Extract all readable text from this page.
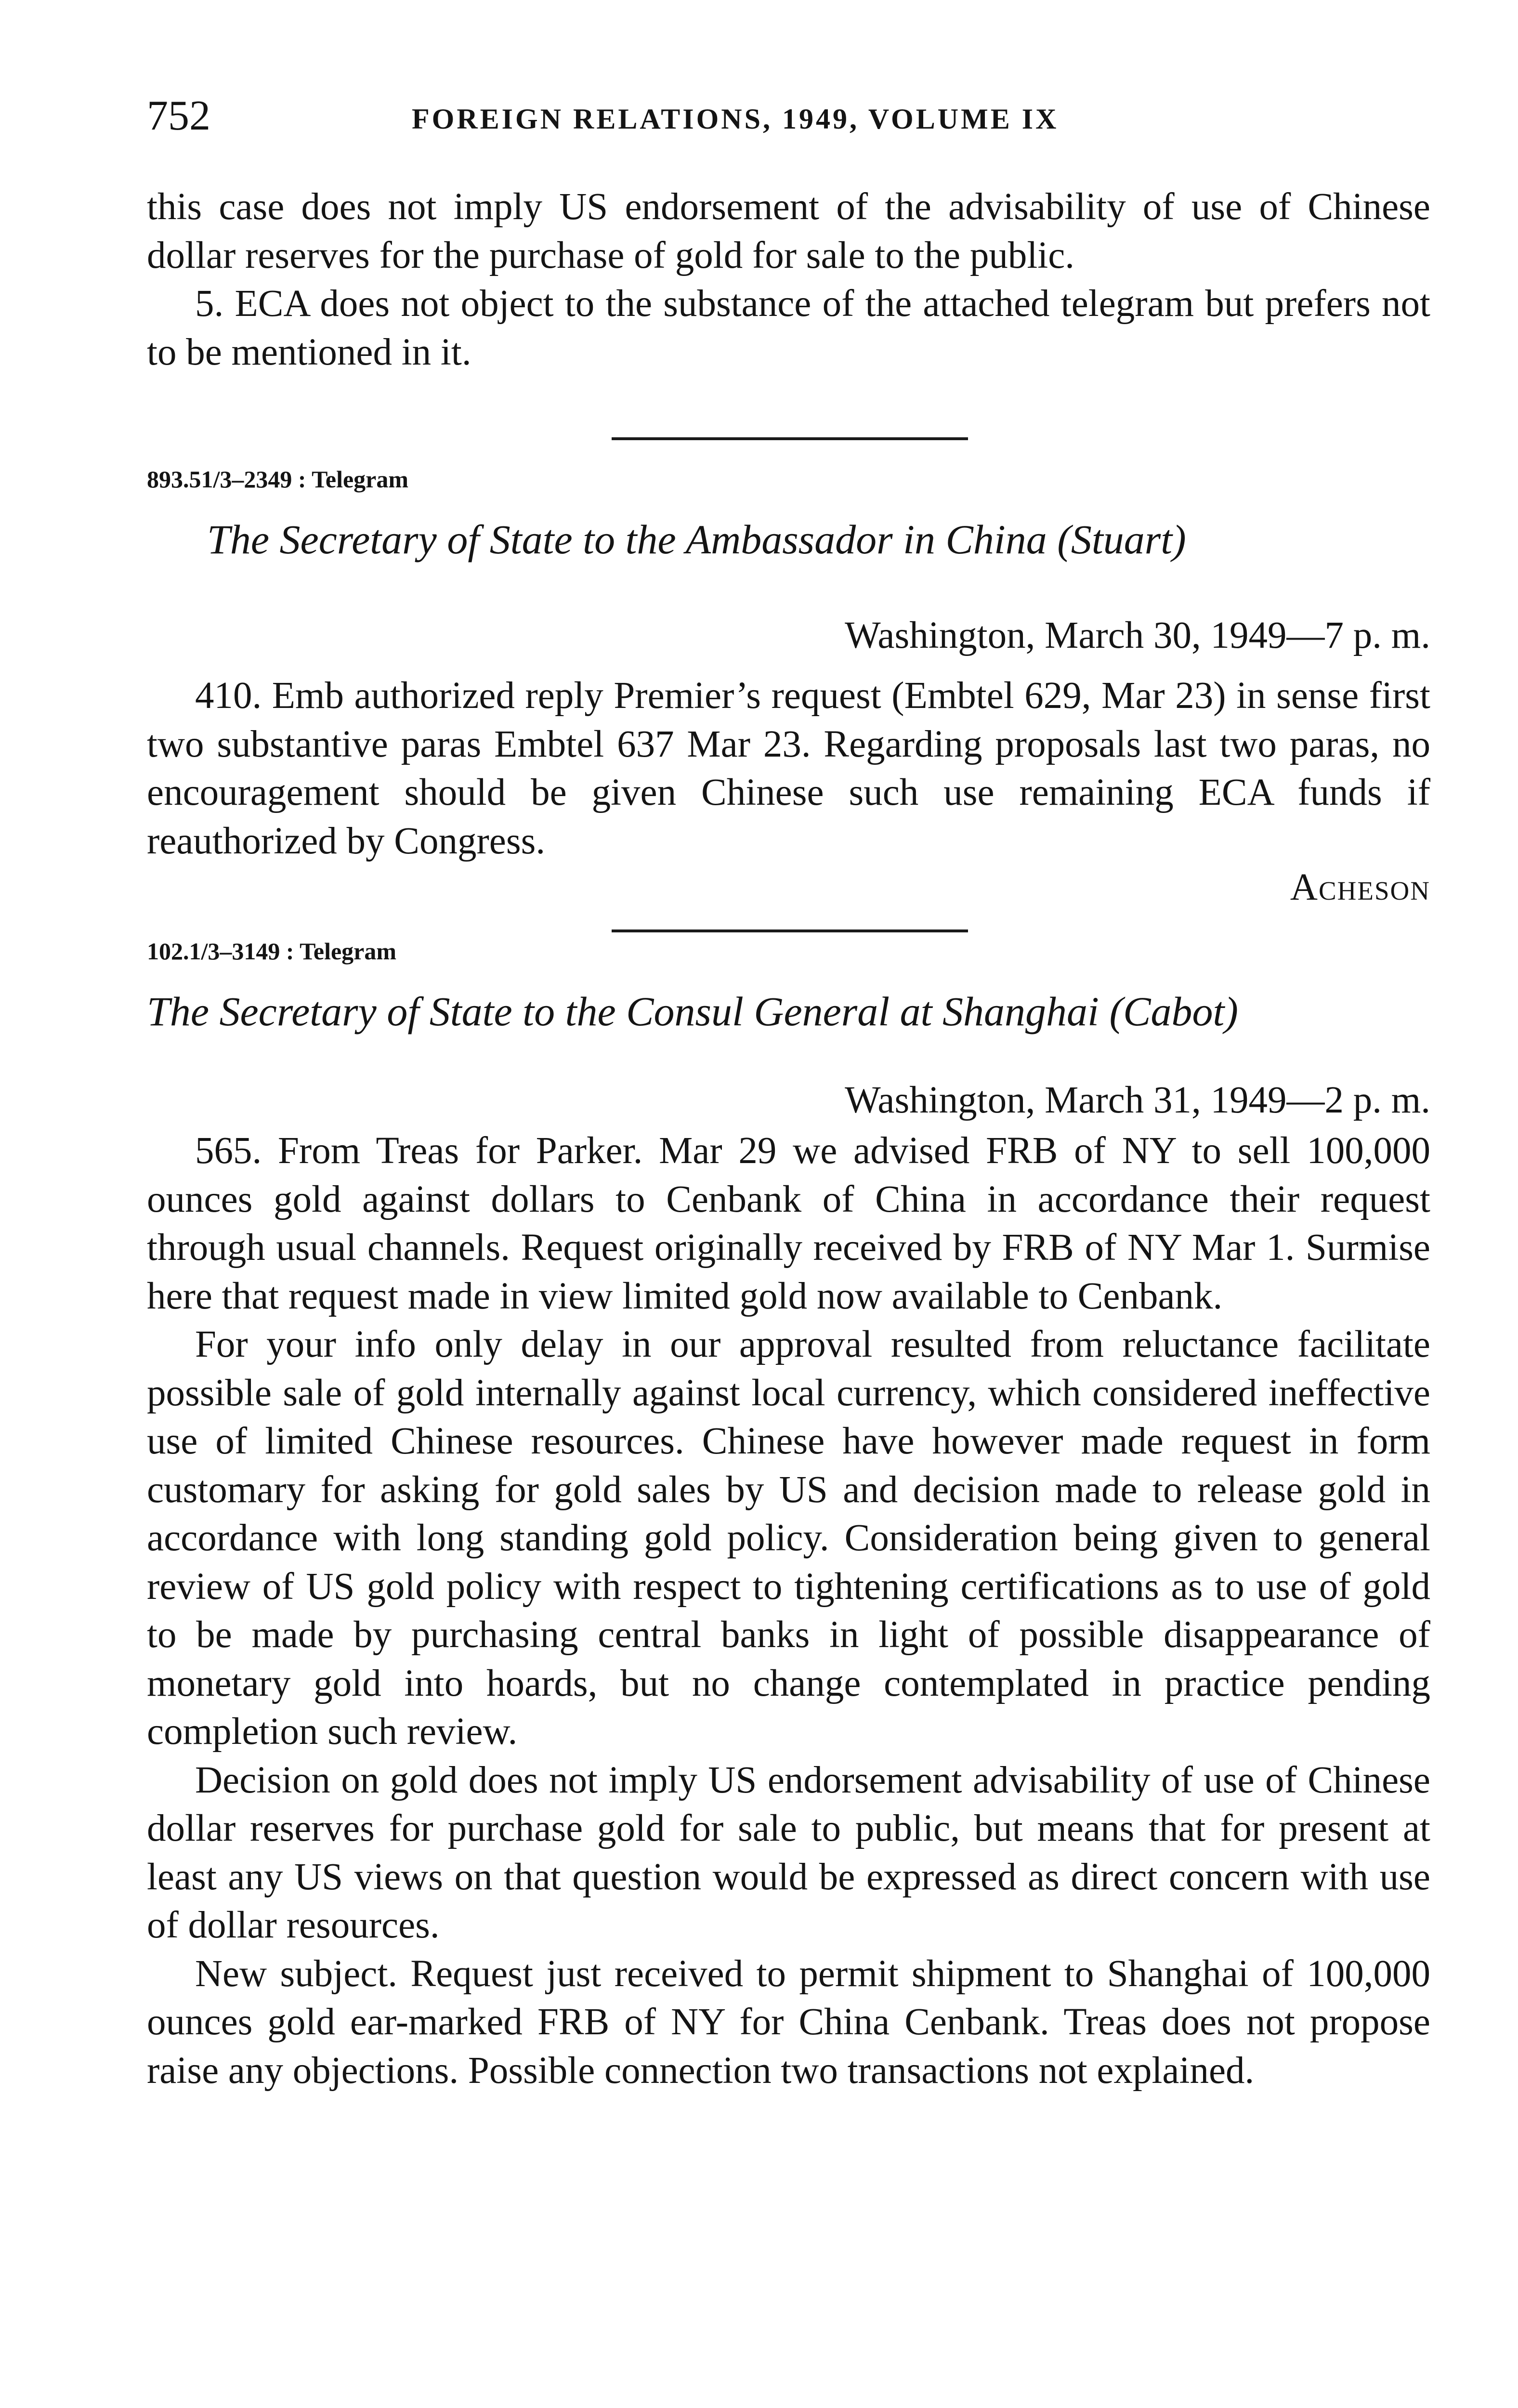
752	FOREIGN RELATIONS, 1949, VOLUME IX

this case does not imply US endorsement of the advisability of use of Chinese dollar reserves for the purchase of gold for sale to the public.

5. ECA does not object to the substance of the attached telegram but prefers not to be mentioned in it.

893.51/3–2349 : Telegram
The Secretary of State to the Ambassador in China (Stuart)
Washington, March 30, 1949—7 p. m.

410. Emb authorized reply Premier’s request (Embtel 629, Mar 23) in sense first two substantive paras Embtel 637 Mar 23. Regarding proposals last two paras, no encouragement should be given Chinese such use remaining ECA funds if reauthorized by Congress.

Acheson
102.1/3–3149 : Telegram
The Secretary of State to the Consul General at Shanghai (Cabot)
Washington, March 31, 1949—2 p. m.

565. From Treas for Parker. Mar 29 we advised FRB of NY to sell 100,000 ounces gold against dollars to Cenbank of China in accordance their request through usual channels. Request originally received by FRB of NY Mar 1. Surmise here that request made in view limited gold now available to Cenbank.

For your info only delay in our approval resulted from reluctance facilitate possible sale of gold internally against local currency, which considered ineffective use of limited Chinese resources. Chinese have however made request in form customary for asking for gold sales by US and decision made to release gold in accordance with long standing gold policy. Consideration being given to general review of US gold policy with respect to tightening certifications as to use of gold to be made by purchasing central banks in light of possible disappearance of monetary gold into hoards, but no change contemplated in practice pending completion such review.

Decision on gold does not imply US endorsement advisability of use of Chinese dollar reserves for purchase gold for sale to public, but means that for present at least any US views on that question would be expressed as direct concern with use of dollar resources.

New subject. Request just received to permit shipment to Shanghai of 100,000 ounces gold ear-marked FRB of NY for China Cenbank. Treas does not propose raise any objections. Possible connection two transactions not explained.
